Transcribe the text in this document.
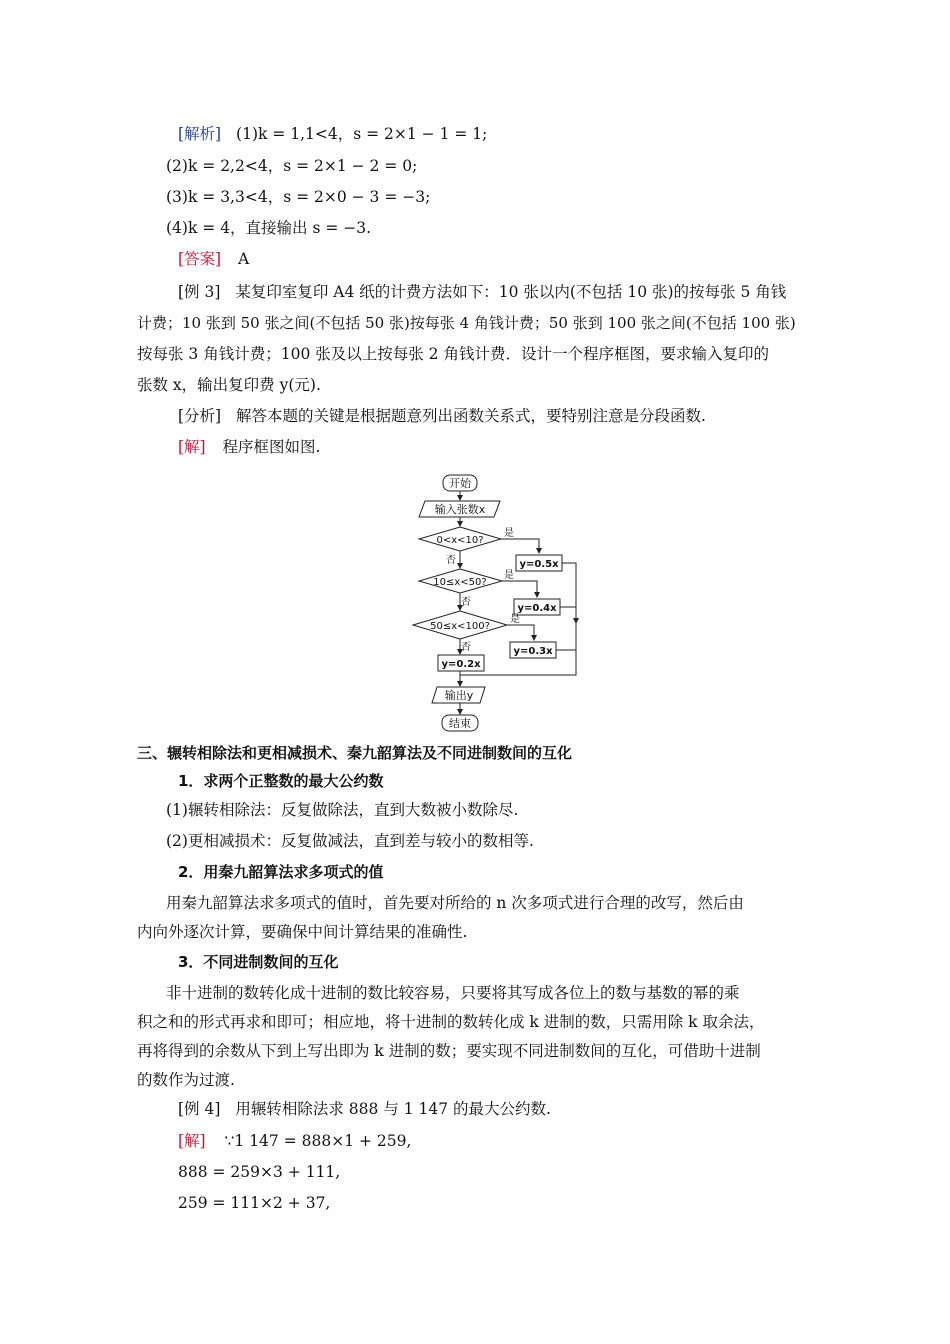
[解析] (1)k = 1,1<4，s = 2×1 − 1 = 1;
(2)k = 2,2<4，s = 2×1 − 2 = 0;
(3)k = 3,3<4，s = 2×0 − 3 = −3;
(4)k = 4，直接输出 s = −3.
[答案] A
[例 3] 某复印室复印 A4 纸的计费方法如下：10 张以内(不包括 10 张)的按每张 5 角钱
计费；10 张到 50 张之间(不包括 50 张)按每张 4 角钱计费；50 张到 100 张之间(不包括 100 张)
按每张 3 角钱计费；100 张及以上按每张 2 角钱计费．设计一个程序框图，要求输入复印的
张数 x，输出复印费 y(元).
[分析] 解答本题的关键是根据题意列出函数关系式，要特别注意是分段函数.
[解] 程序框图如图.
开始
输入张数x
0<x<10?
10≤x<50?
50≤x<100?
y=0.5x
y=0.4x
y=0.3x
y=0.2x
输出y
结束
是
是
是
否
否
否
三、辗转相除法和更相减损术、秦九韶算法及不同进制数间的互化
1．求两个正整数的最大公约数
(1)辗转相除法：反复做除法，直到大数被小数除尽.
(2)更相减损术：反复做减法，直到差与较小的数相等.
2．用秦九韶算法求多项式的值
用秦九韶算法求多项式的值时，首先要对所给的 n 次多项式进行合理的改写，然后由
内向外逐次计算，要确保中间计算结果的准确性.
3．不同进制数间的互化
非十进制的数转化成十进制的数比较容易，只要将其写成各位上的数与基数的幂的乘
积之和的形式再求和即可；相应地，将十进制的数转化成 k 进制的数，只需用除 k 取余法，
再将得到的余数从下到上写出即为 k 进制的数；要实现不同进制数间的互化，可借助十进制
的数作为过渡.
[例 4] 用辗转相除法求 888 与 1 147 的最大公约数.
[解] ∵1 147 = 888×1 + 259,
888 = 259×3 + 111,
259 = 111×2 + 37,
